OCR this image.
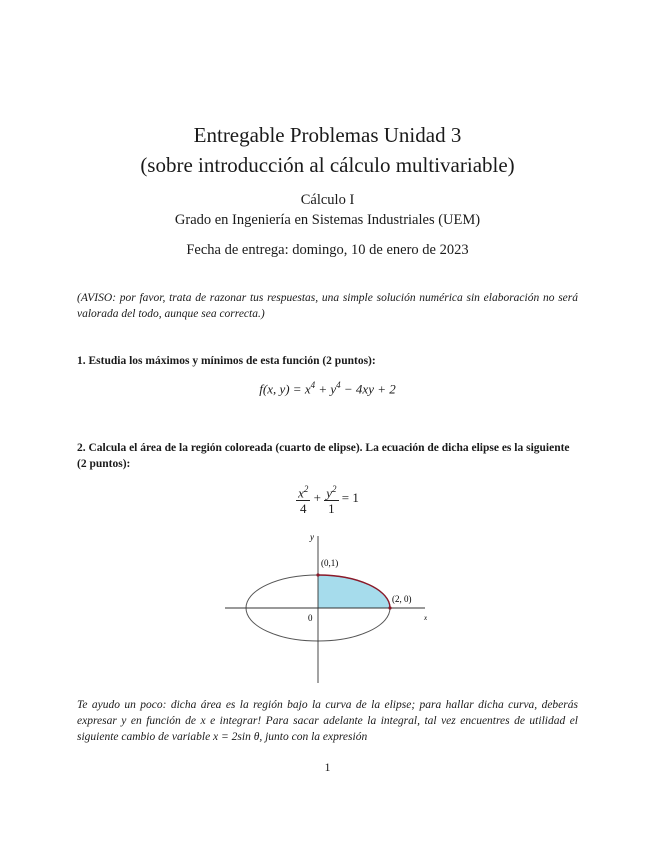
Entregable Problemas Unidad 3
(sobre introducción al cálculo multivariable)
Cálculo I
Grado en Ingeniería en Sistemas Industriales (UEM)
Fecha de entrega: domingo, 10 de enero de 2023
(AVISO: por favor, trata de razonar tus respuestas, una simple solución numérica sin elaboración no será valorada del todo, aunque sea correcta.)
1. Estudia los máximos y mínimos de esta función (2 puntos):
f(x, $y) = x^4 + y^4 - 4xy + 2$
2. Calcula el área de la región coloreada (cuarto de elipse). La ecuación de dicha elipse es la siguiente (2 puntos):
$\frac{x^2}{4} + \frac{y^2}{1} = 1$
y
x
0
(0,1)
(2, 0)
Te ayudo un poco: dicha área es la región bajo la curva de la elipse; para hallar dicha curva, deberás expresar y en función de x e integrar! Para sacar adelante la integral, tal vez encuentres de utilidad el siguiente cambio de variable x = 2sin θ, junto con la expresión
1
